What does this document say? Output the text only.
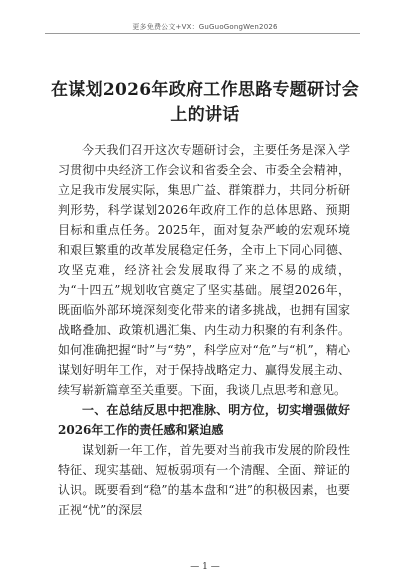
更多免费公文+VX：GuGuoGongWen2026
在谋划2026年政府工作思路专题研讨会
上的讲话

今天我们召开这次专题研讨会，主要任务是深入学习贯彻中央经济工作会议和省委全会、市委全会精神，立足我市发展实际，集思广益、群策群力，共同分析研判形势，科学谋划2026年政府工作的总体思路、预期目标和重点任务。2025年，面对复杂严峻的宏观环境和艰巨繁重的改革发展稳定任务，全市上下同心同德、攻坚克难，经济社会发展取得了来之不易的成绩，为“十四五”规划收官奠定了坚实基础。展望2026年，既面临外部环境深刻变化带来的诸多挑战，也拥有国家战略叠加、政策机遇汇集、内生动力积聚的有利条件。如何准确把握“时”与“势”，科学应对“危”与“机”，精心谋划好明年工作，对于保持战略定力、赢得发展主动、续写崭新篇章至关重要。下面，我谈几点思考和意见。

一、在总结反思中把准脉、明方位，切实增强做好2026年工作的责任感和紧迫感

谋划新一年工作，首先要对当前我市发展的阶段性特征、现实基础、短板弱项有一个清醒、全面、辩证的认识。既要看到“稳”的基本盘和“进”的积极因素，也要正视“忧”的深层

— 1 —
